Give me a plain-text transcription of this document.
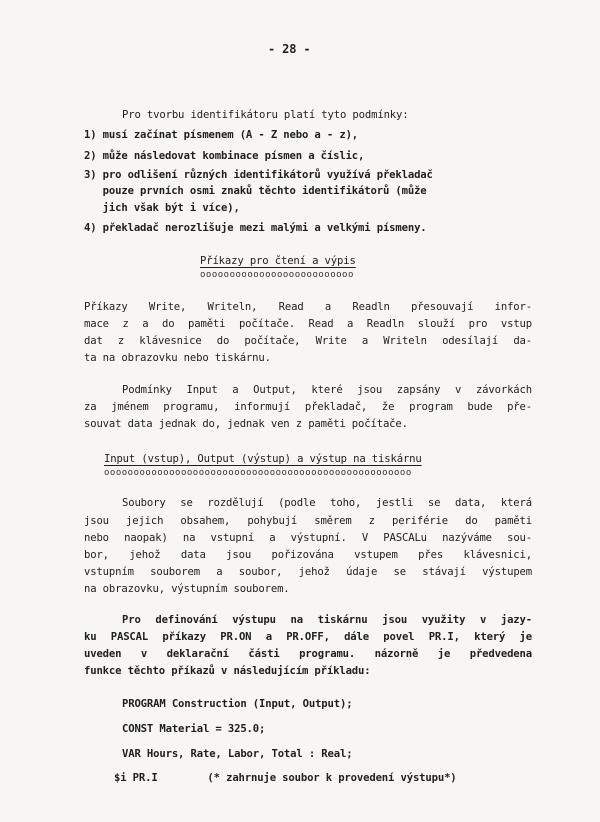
- 28 -
Pro tvorbu identifikátoru platí tyto podmínky:
1) musí začínat písmenem (A - Z nebo a - z),
2) může následovat kombinace písmen a číslic,
3) pro odlišení různých identifikátorů využívá překladač
pouze prvních osmi znaků těchto identifikátorů (může
jich však být i více),
4) překladač nerozlišuje mezi malými a velkými písmeny.
Příkazy pro čtení a výpis
oooooooooooooooooooooooooo
Příkazy Write, Writeln, Read a Readln přesouvají infor-
mace z a do paměti počítače. Read a Readln slouží pro vstup
dat z klávesnice do počítače, Write a Writeln odesílají da-
ta na obrazovku nebo tiskárnu.
Podmínky Input a Output, které jsou zapsány v závorkách
za jménem programu, informují překladač, že program bude pře-
souvat data jednak do, jednak ven z paměti počítače.
Input (vstup), Output (výstup) a výstup na tiskárnu
oooooooooooooooooooooooooooooooooooooooooooooooooooo
Soubory se rozdělují (podle toho, jestli se data, která
jsou jejich obsahem, pohybují směrem z periférie do paměti
nebo naopak) na vstupní a výstupní. V PASCALu nazýváme sou-
bor, jehož data jsou pořizována vstupem přes klávesnici,
vstupním souborem a soubor, jehož údaje se stávají výstupem
na obrazovku, výstupním souborem.
Pro definování výstupu na tiskárnu jsou využity v jazy-
ku PASCAL příkazy PR.ON a PR.OFF, dále povel PR.I, který je
uveden v deklarační části programu. názorně je předvedena
funkce těchto příkazů v následujícím příkladu:
PROGRAM Construction (Input, Output);
CONST Material = 325.0;
VAR Hours, Rate, Labor, Total : Real;
$i PR.I        (* zahrnuje soubor k provedení výstupu*)
